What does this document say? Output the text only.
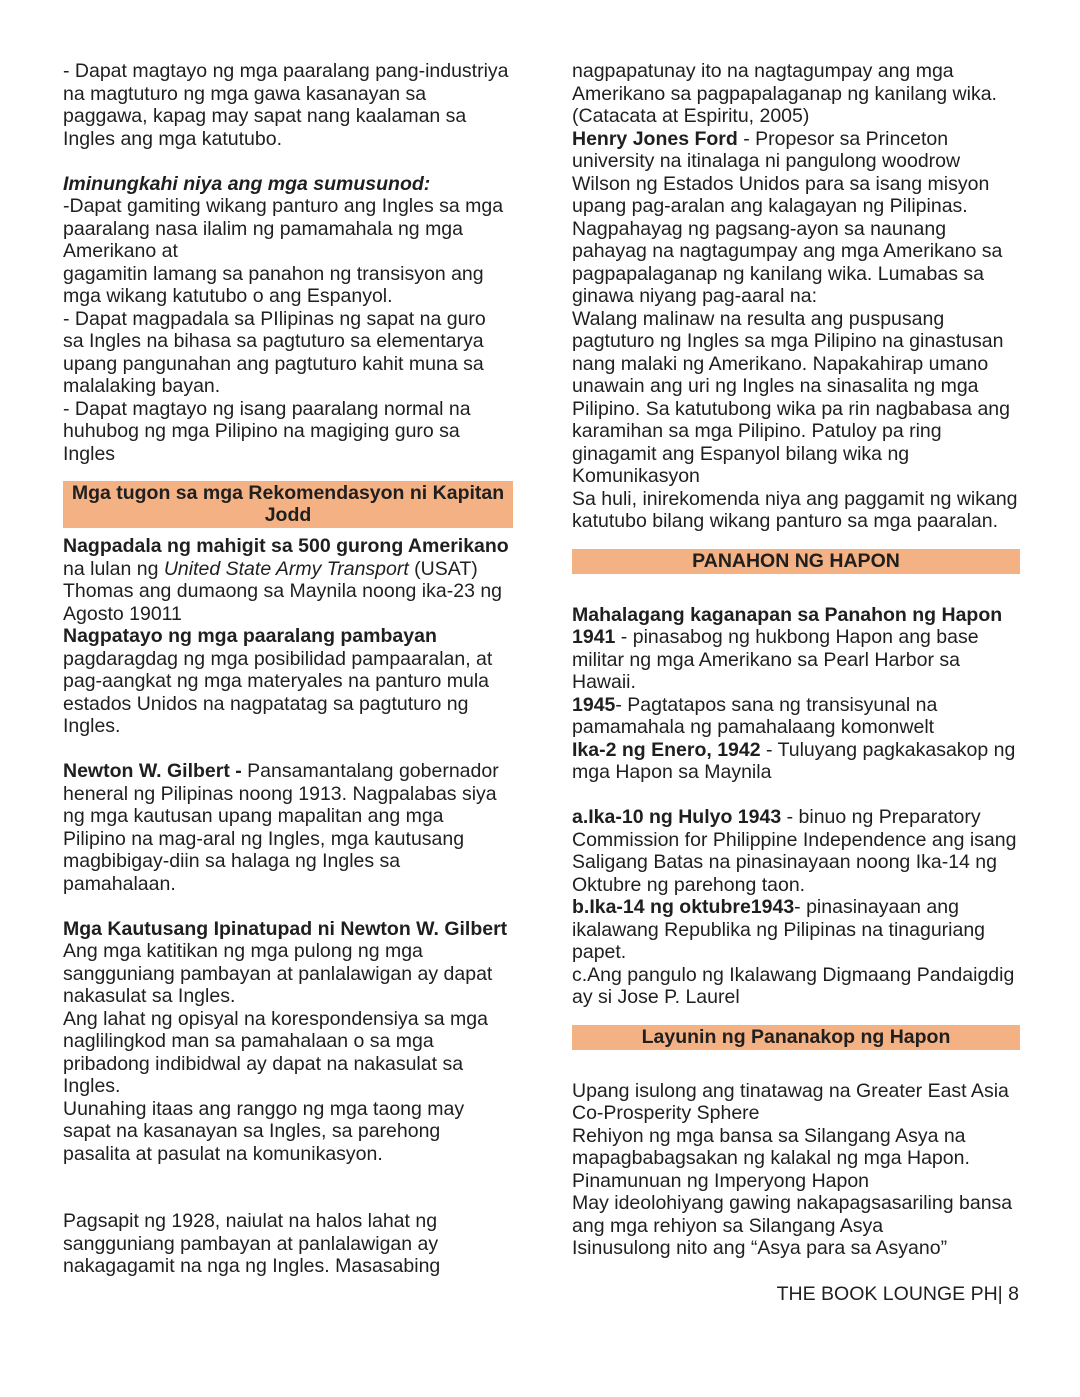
- Dapat magtayo ng mga paaralang pang-industriya
na magtuturo ng mga gawa kasanayan sa
paggawa, kapag may sapat nang kaalaman sa
Ingles ang mga katutubo.
Iminungkahi niya ang mga sumusunod:
-Dapat gamiting wikang panturo ang Ingles sa mga
paaralang nasa ilalim ng pamamahala ng mga
Amerikano at
gagamitin lamang sa panahon ng transisyon ang
mga wikang katutubo o ang Espanyol.
- Dapat magpadala sa PIlipinas ng sapat na guro
sa Ingles na bihasa sa pagtuturo sa elementarya
upang pangunahan ang pagtuturo kahit muna sa
malalaking bayan.
- Dapat magtayo ng isang paaralang normal na
huhubog ng mga Pilipino na magiging guro sa
Ingles
Mga tugon sa mga Rekomendasyon ni Kapitan Jodd
Nagpadala ng mahigit sa 500 gurong Amerikano
na lulan ng United State Army Transport (USAT)
Thomas ang dumaong sa Maynila noong ika-23 ng
Agosto 19011
Nagpatayo ng mga paaralang pambayan
pagdaragdag ng mga posibilidad pampaaralan, at
pag-aangkat ng mga materyales na panturo mula
estados Unidos na nagpatatag sa pagtuturo ng
Ingles.
Newton W. Gilbert - Pansamantalang gobernador
heneral ng Pilipinas noong 1913. Nagpalabas siya
ng mga kautusan upang mapalitan ang mga
Pilipino na mag-aral ng Ingles, mga kautusang
magbibigay-diin sa halaga ng Ingles sa
pamahalaan.
Mga Kautusang Ipinatupad ni Newton W. Gilbert
Ang mga katitikan ng mga pulong ng mga
sangguniang pambayan at panlalawigan ay dapat
nakasulat sa Ingles.
Ang lahat ng opisyal na korespondensiya sa mga
naglilingkod man sa pamahalaan o sa mga
pribadong indibidwal ay dapat na nakasulat sa
Ingles.
Uunahing itaas ang ranggo ng mga taong may
sapat na kasanayan sa Ingles, sa parehong
pasalita at pasulat na komunikasyon.
Pagsapit ng 1928, naiulat na halos lahat ng
sangguniang pambayan at panlalawigan ay
nakagagamit na nga ng Ingles. Masasabing
nagpapatunay ito na nagtagumpay ang mga
Amerikano sa pagpapalaganap ng kanilang wika.
(Catacata at Espiritu, 2005)
Henry Jones Ford - Propesor sa Princeton
university na itinalaga ni pangulong woodrow
Wilson ng Estados Unidos para sa isang misyon
upang pag-aralan ang kalagayan ng Pilipinas.
Nagpahayag ng pagsang-ayon sa naunang
pahayag na nagtagumpay ang mga Amerikano sa
pagpapalaganap ng kanilang wika. Lumabas sa
ginawa niyang pag-aaral na:
Walang malinaw na resulta ang puspusang
pagtuturo ng Ingles sa mga Pilipino na ginastusan
nang malaki ng Amerikano. Napakahirap umano
unawain ang uri ng Ingles na sinasalita ng mga
Pilipino. Sa katutubong wika pa rin nagbabasa ang
karamihan sa mga Pilipino. Patuloy pa ring
ginagamit ang Espanyol bilang wika ng
Komunikasyon
Sa huli, inirekomenda niya ang paggamit ng wikang
katutubo bilang wikang panturo sa mga paaralan.
PANAHON NG HAPON
Mahalagang kaganapan sa Panahon ng Hapon
1941 - pinasabog ng hukbong Hapon ang base
militar ng mga Amerikano sa Pearl Harbor sa
Hawaii.
1945- Pagtatapos sana ng transisyunal na
pamamahala ng pamahalaang komonwelt
Ika-2 ng Enero, 1942 - Tuluyang pagkakasakop ng
mga Hapon sa Maynila
a.Ika-10 ng Hulyo 1943 - binuo ng Preparatory
Commission for Philippine Independence ang isang
Saligang Batas na pinasinayaan noong Ika-14 ng
Oktubre ng parehong taon.
b.Ika-14 ng oktubre1943- pinasinayaan ang
ikalawang Republika ng Pilipinas na tinaguriang
papet.
c.Ang pangulo ng Ikalawang Digmaang Pandaigdig
ay si Jose P. Laurel
Layunin ng Pananakop ng Hapon
Upang isulong ang tinatawag na Greater East Asia
Co-Prosperity Sphere
Rehiyon ng mga bansa sa Silangang Asya na
mapagbabagsakan ng kalakal ng mga Hapon.
Pinamunuan ng Imperyong Hapon
May ideolohiyang gawing nakapagsasariling bansa
ang mga rehiyon sa Silangang Asya
Isinusulong nito ang “Asya para sa Asyano”
THE BOOK LOUNGE PH| 8
